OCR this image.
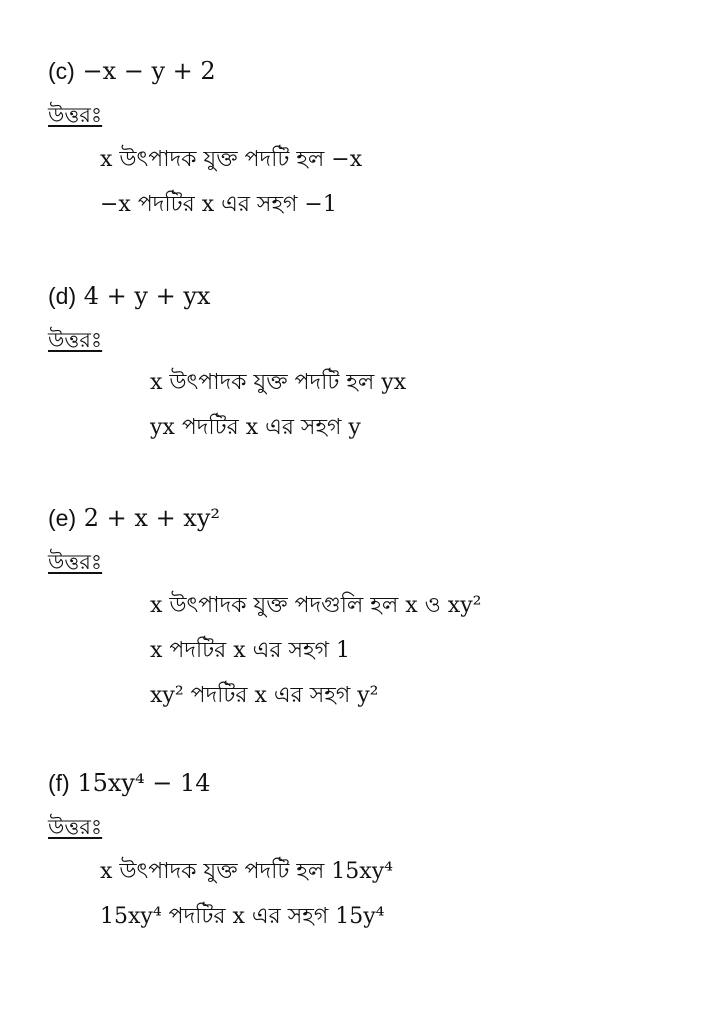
(c) −x − y + 2
উত্তরঃ
x উৎপাদক যুক্ত পদটি হল −x
−x পদটির x এর সহগ −1
(d) 4 + y + yx
উত্তরঃ
x উৎপাদক যুক্ত পদটি হল yx
yx পদটির x এর সহগ y
(e) 2 + x + xy²
উত্তরঃ
x উৎপাদক যুক্ত পদগুলি হল x ও xy²
x পদটির x এর সহগ 1
xy² পদটির x এর সহগ y²
(f) 15xy⁴ − 14
উত্তরঃ
x উৎপাদক যুক্ত পদটি হল 15xy⁴
15xy⁴ পদটির x এর সহগ 15y⁴
